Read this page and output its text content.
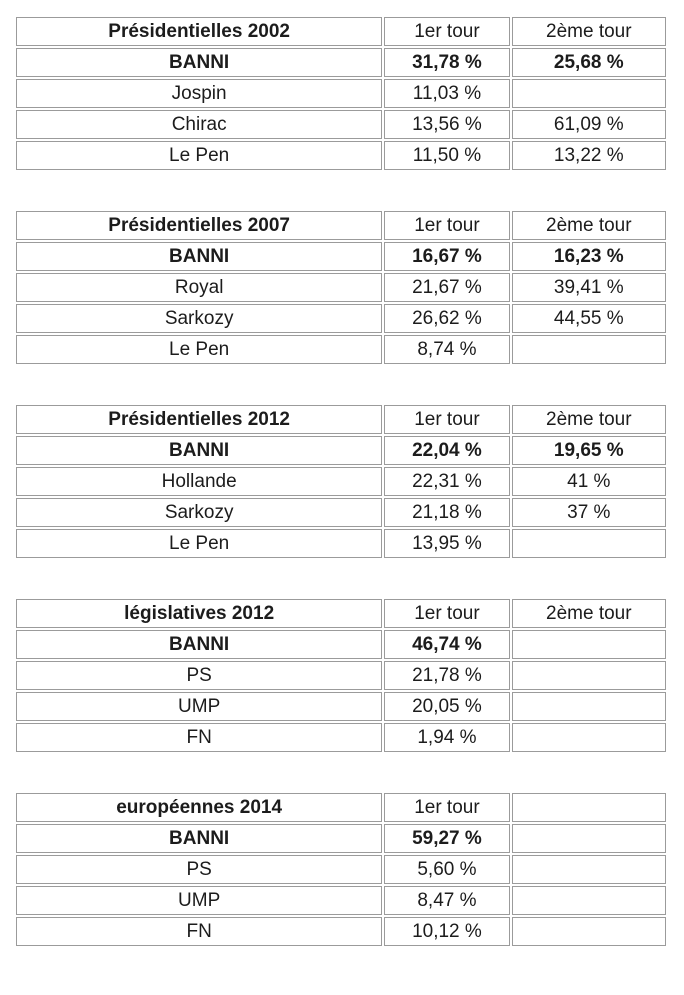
Présidentielles 2002	1er tour	2ème tour
BANNI	31,78 %	25,68 %
Jospin	11,03 %	
Chirac	13,56 %	61,09 %
Le Pen	11,50 %	13,22 %
Présidentielles 2007	1er tour	2ème tour
BANNI	16,67 %	16,23 %
Royal	21,67 %	39,41 %
Sarkozy	26,62 %	44,55 %
Le Pen	8,74 %	
Présidentielles 2012	1er tour	2ème tour
BANNI	22,04 %	19,65 %
Hollande	22,31 %	41 %
Sarkozy	21,18 %	37 %
Le Pen	13,95 %	
législatives 2012	1er tour	2ème tour
BANNI	46,74 %	
PS	21,78 %	
UMP	20,05 %	
FN	1,94 %	
européennes 2014	1er tour	
BANNI	59,27 %	
PS	5,60 %	
UMP	8,47 %	
FN	10,12 %	
